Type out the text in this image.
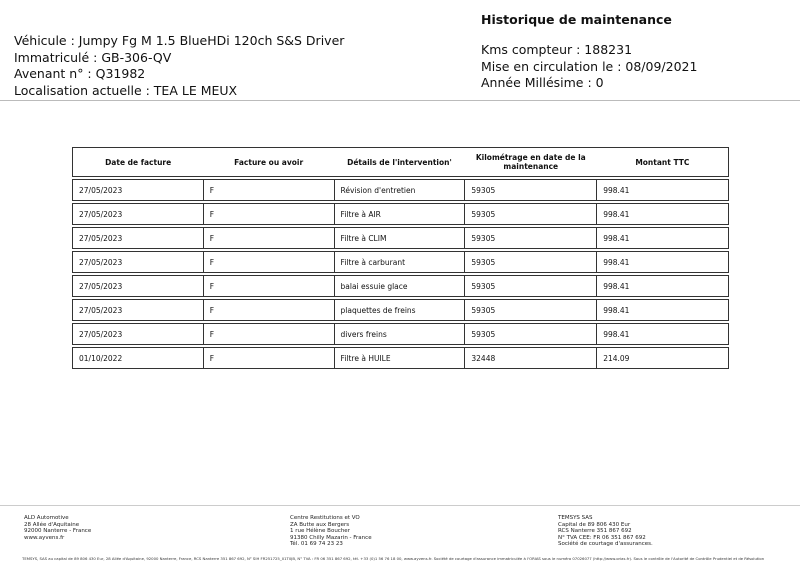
Véhicule : Jumpy Fg M 1.5 BlueHDi 120ch S&S Driver
Immatriculé : GB-306-QV
Avenant n° : Q31982
Localisation actuelle : TEA LE MEUX
Historique de maintenance
Kms compteur : 188231
Mise en circulation le : 08/09/2021
Année Millésime : 0
Date de facture	Facture ou avoir	Détails de l'intervention'	Kilométrage en date de la maintenance	Montant TTC

27/05/2023	F	Révision d'entretien	59305	998.41

27/05/2023	F	Filtre à AIR	59305	998.41

27/05/2023	F	Filtre à CLIM	59305	998.41

27/05/2023	F	Filtre à carburant	59305	998.41

27/05/2023	F	balai essuie glace	59305	998.41

27/05/2023	F	plaquettes de freins	59305	998.41

27/05/2023	F	divers freins	59305	998.41

01/10/2022	F	Filtre à HUILE	32448	214.09
ALD Automotive
28 Allée d'Aquitaine
92000 Nanterre - France
www.ayvens.fr
Centre Restitutions et VO
ZA Butte aux Bergers
1 rue Hélène Boucher
91380 Chilly Mazarin - France
Tél. 01 69 74 23 23
TEMSYS SAS
Capital de 89 806 430 Eur
RCS Nanterre 351 867 692
N° TVA CEE: FR 06 351 867 692
Société de courtage d'assurances.
TEMSYS, SAS au capital de 89 806 430 Eur, 28 Allée d'Aquitaine, 92000 Nanterre, France, RCS Nanterre 351 867 692, N° SIH FR251725_01T0JB, N° TVA : FR 06 351 867 692, tél. +33 (0)1 56 76 18 00, www.ayvens.fr. Société de courtage d'assurance immatriculée à l'ORIAS sous le numéro 07026077 (http://www.orias.fr). Sous le contrôle de l'Autorité de Contrôle Prudentiel et de Résolution
